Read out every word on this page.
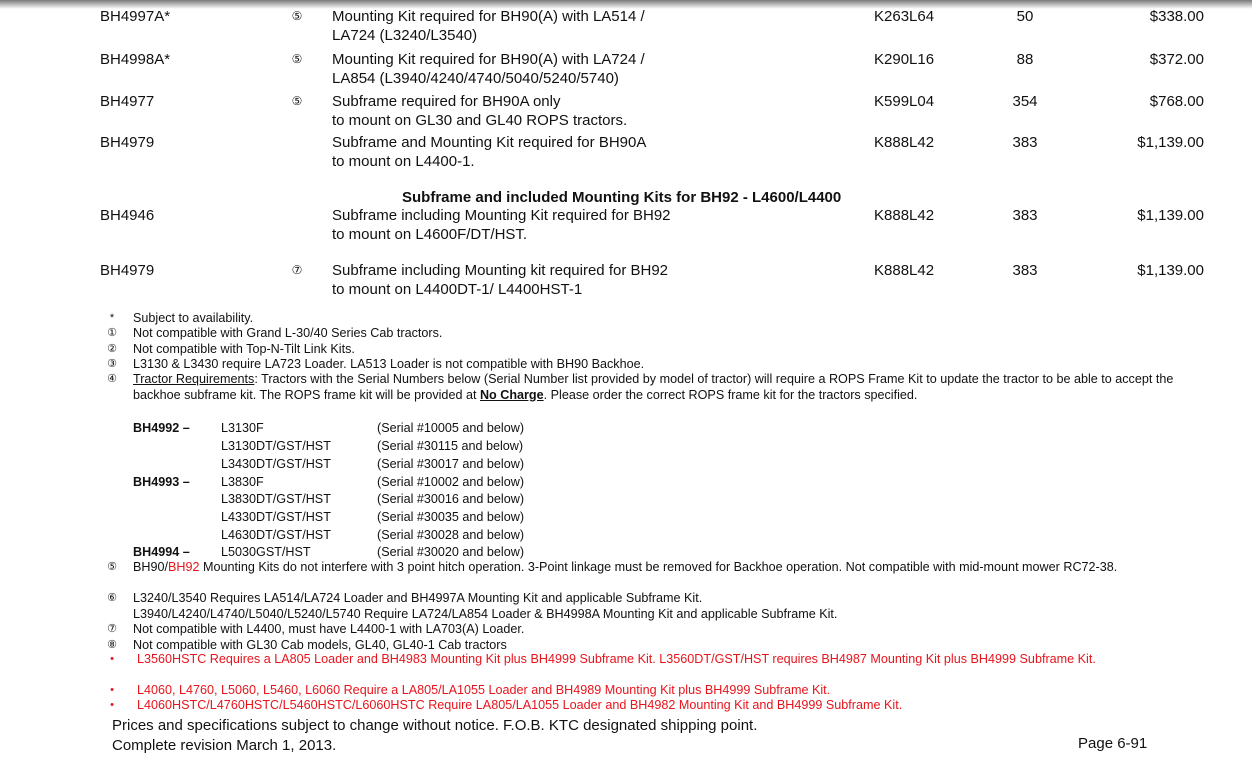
BH4997A*	⑤ Mounting Kit required for BH90(A) with LA514 /
LA724 (L3240/L3540)
K263L64	50	$338.00
BH4998A*	⑤ Mounting Kit required for BH90(A) with LA724 /
LA854 (L3940/4240/4740/5040/5240/5740)
K290L16	88	$372.00
BH4977	⑤ Subframe required for BH90A only
to mount on GL30 and GL40 ROPS tractors.
K599L04	354	$768.00
BH4979	Subframe and Mounting Kit required for BH90A
to mount on L4400-1.
K888L42	383	$1,139.00
Subframe and included Mounting Kits for BH92 - L4600/L4400
BH4946	Subframe including Mounting Kit required for BH92
to mount on L4600F/DT/HST.
K888L42	383	$1,139.00
BH4979	⑦ Subframe including Mounting kit required for BH92
to mount on L4400DT-1/ L4400HST-1
K888L42	383	$1,139.00
*	Subject to availability.
① Not compatible with Grand L-30/40 Series Cab tractors.
② Not compatible with Top-N-Tilt Link Kits.
③ L3130 & L3430 require LA723 Loader. LA513 Loader is not compatible with BH90 Backhoe.
④ Tractor Requirements: Tractors with the Serial Numbers below (Serial Number list provided by model of tractor) will require a ROPS Frame Kit to update the tractor to be able to accept the backhoe subframe kit. The ROPS frame kit will be provided at No Charge. Please order the correct ROPS frame kit for the tractors specified.
BH4992 – L3130F	(Serial #10005 and below)
L3130DT/GST/HST	(Serial #30115 and below)
L3430DT/GST/HST	(Serial #30017 and below)
BH4993 – L3830F	(Serial #10002 and below)
L3830DT/GST/HST	(Serial #30016 and below)
L4330DT/GST/HST	(Serial #30035 and below)
L4630DT/GST/HST	(Serial #30028 and below)
BH4994 – L5030GST/HST	(Serial #30020 and below)
⑤ BH90/BH92 Mounting Kits do not interfere with 3 point hitch operation. 3-Point linkage must be removed for Backhoe operation. Not compatible with mid-mount mower RC72-38.
⑥ L3240/L3540 Requires LA514/LA724 Loader and BH4997A Mounting Kit and applicable Subframe Kit.
L3940/L4240/L4740/L5040/L5240/L5740 Require LA724/LA854 Loader & BH4998A Mounting Kit and applicable Subframe Kit.
⑦ Not compatible with L4400, must have L4400-1 with LA703(A) Loader.
⑧ Not compatible with GL30 Cab models, GL40, GL40-1 Cab tractors
•	L3560HSTC Requires a LA805 Loader and BH4983 Mounting Kit plus BH4999 Subframe Kit. L3560DT/GST/HST requires BH4987 Mounting Kit plus BH4999 Subframe Kit.
•	L4060, L4760, L5060, L5460, L6060 Require a LA805/LA1055 Loader and BH4989 Mounting Kit plus BH4999 Subframe Kit.
•	L4060HSTC/L4760HSTC/L5460HSTC/L6060HSTC Require LA805/LA1055 Loader and BH4982 Mounting Kit and BH4999 Subframe Kit.
Prices and specifications subject to change without notice. F.O.B. KTC designated shipping point.
Complete revision March 1, 2013.	Page 6-91
